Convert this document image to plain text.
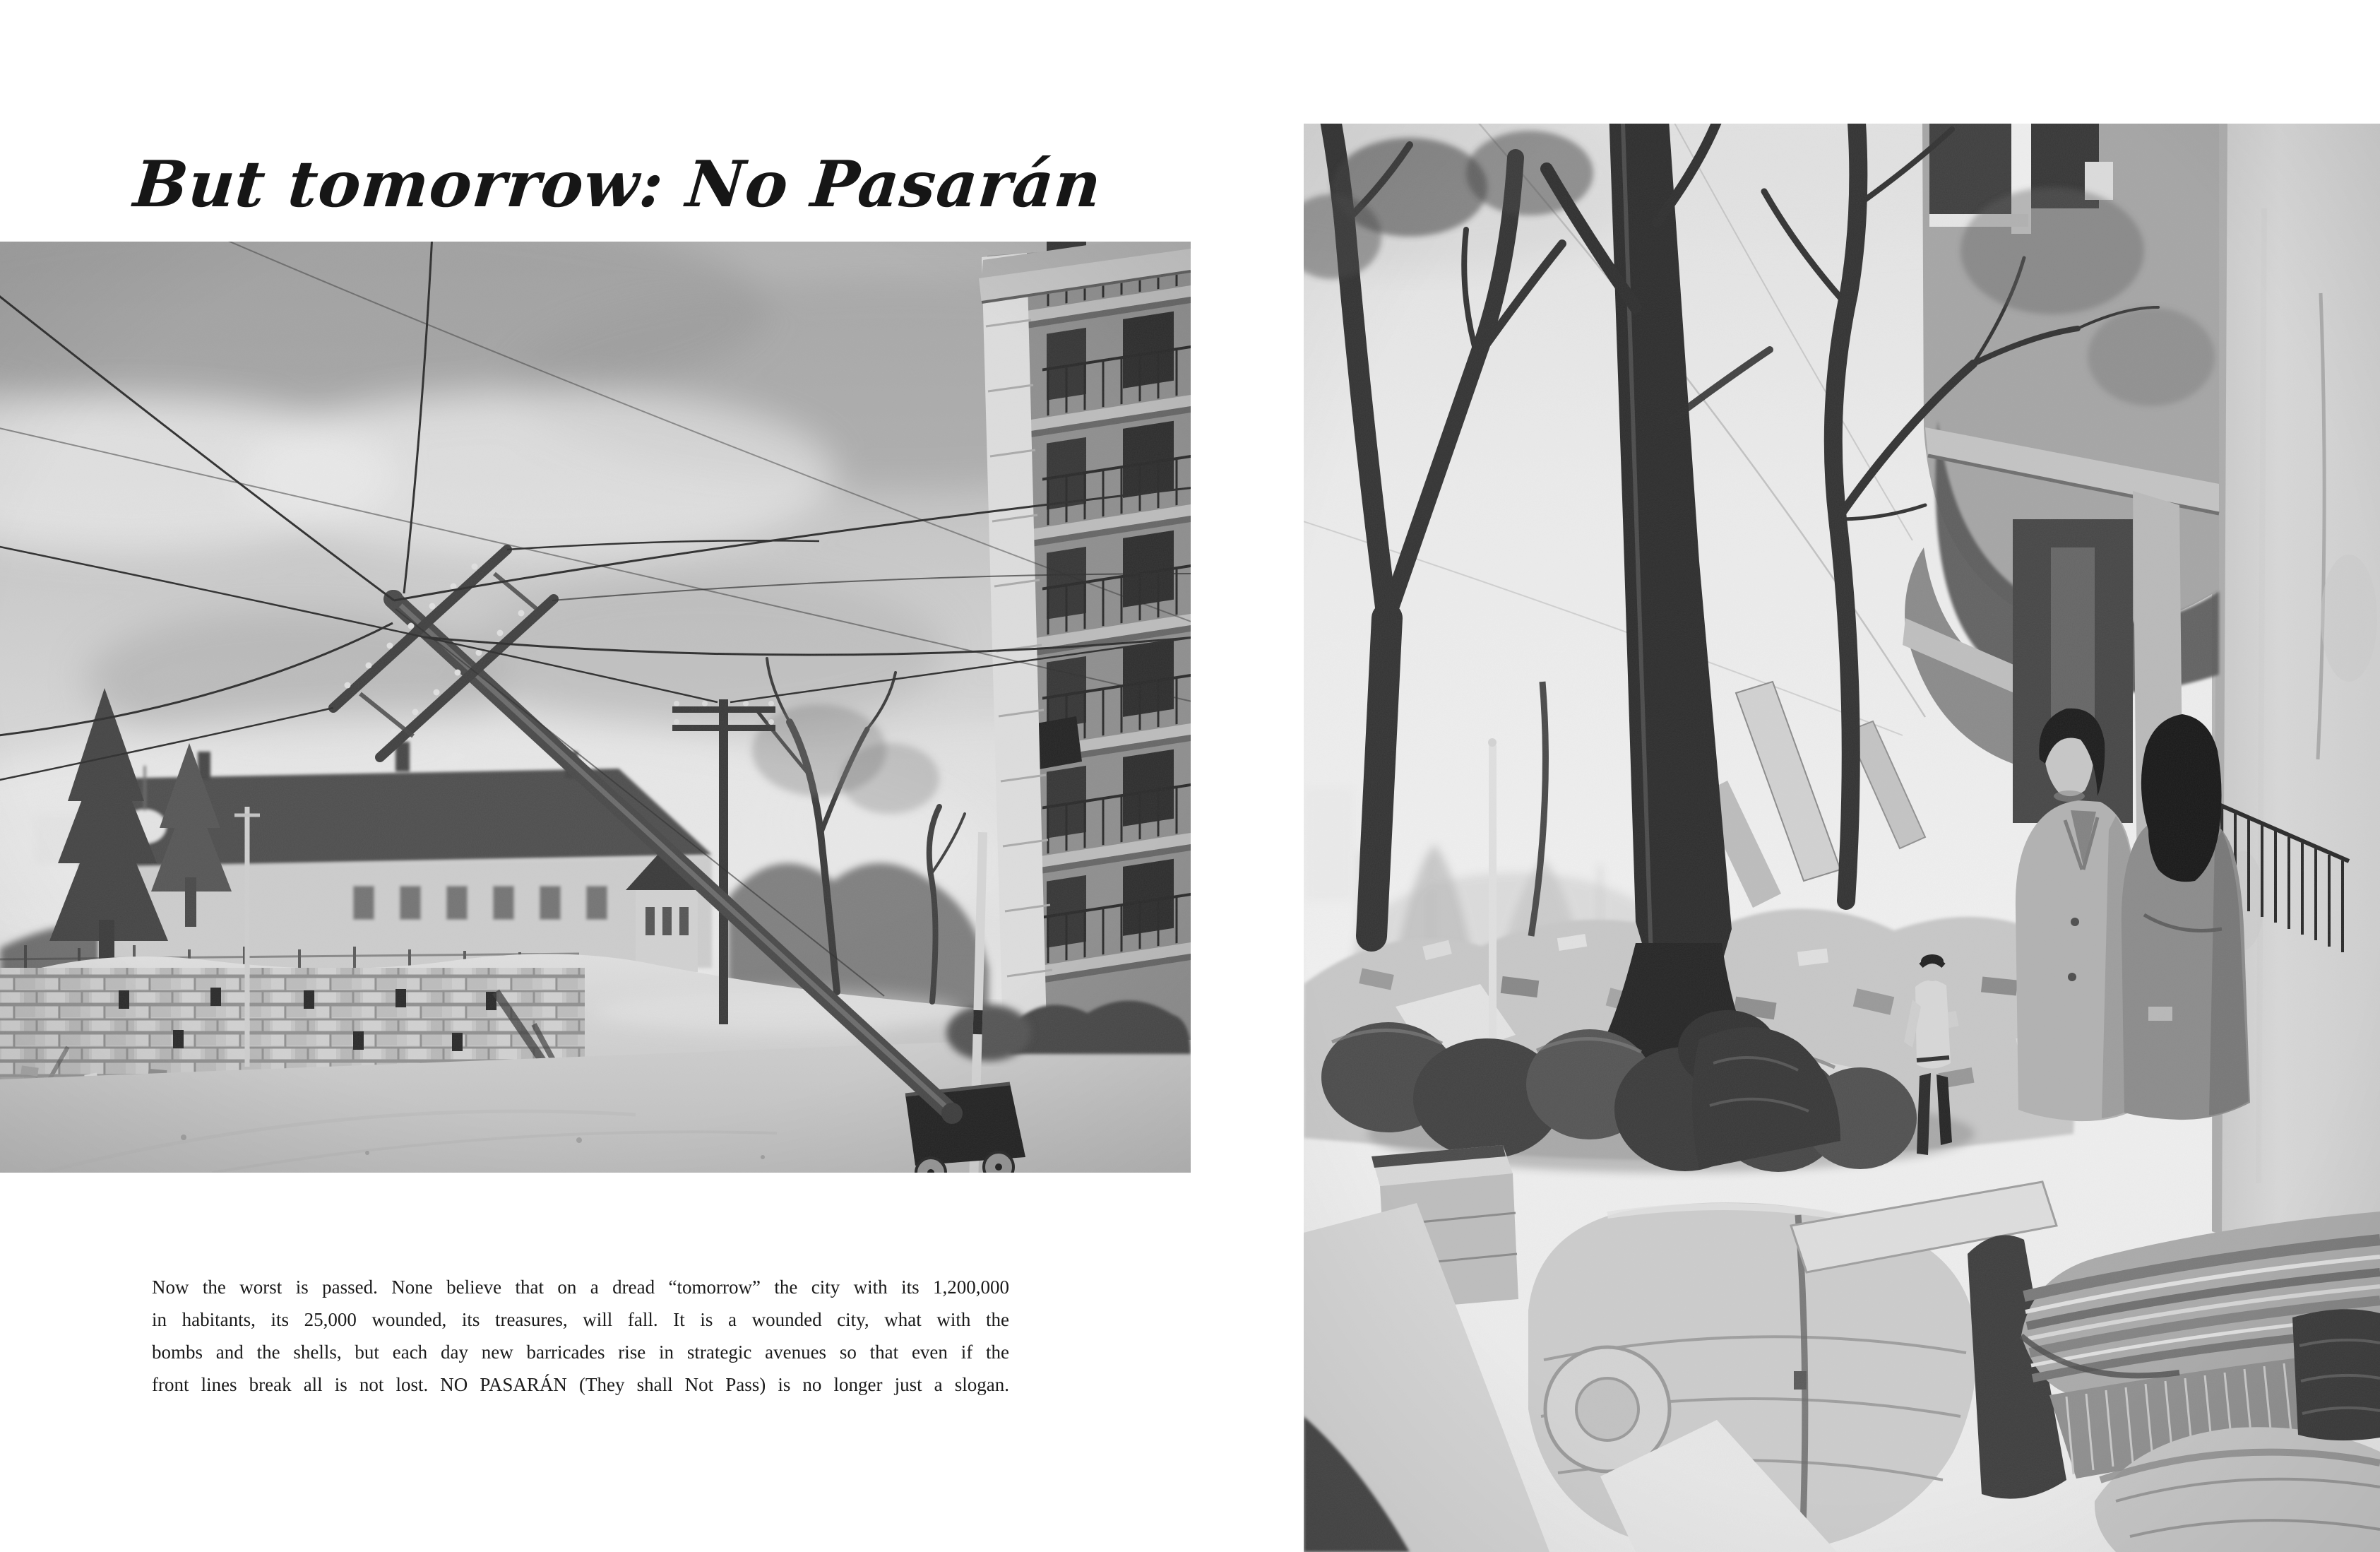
But tomorrow: No Pasarán

Now the worst is passed. None believe that on a dread “tomorrow” the city with its 1,200,000
in habitants, its 25,000 wounded, its treasures, will fall. It is a wounded city, what with the
bombs and the shells, but each day new barricades rise in strategic avenues so that even if the
front lines break all is not lost. NO PASARÁN (They shall Not Pass) is no longer just a slogan.
